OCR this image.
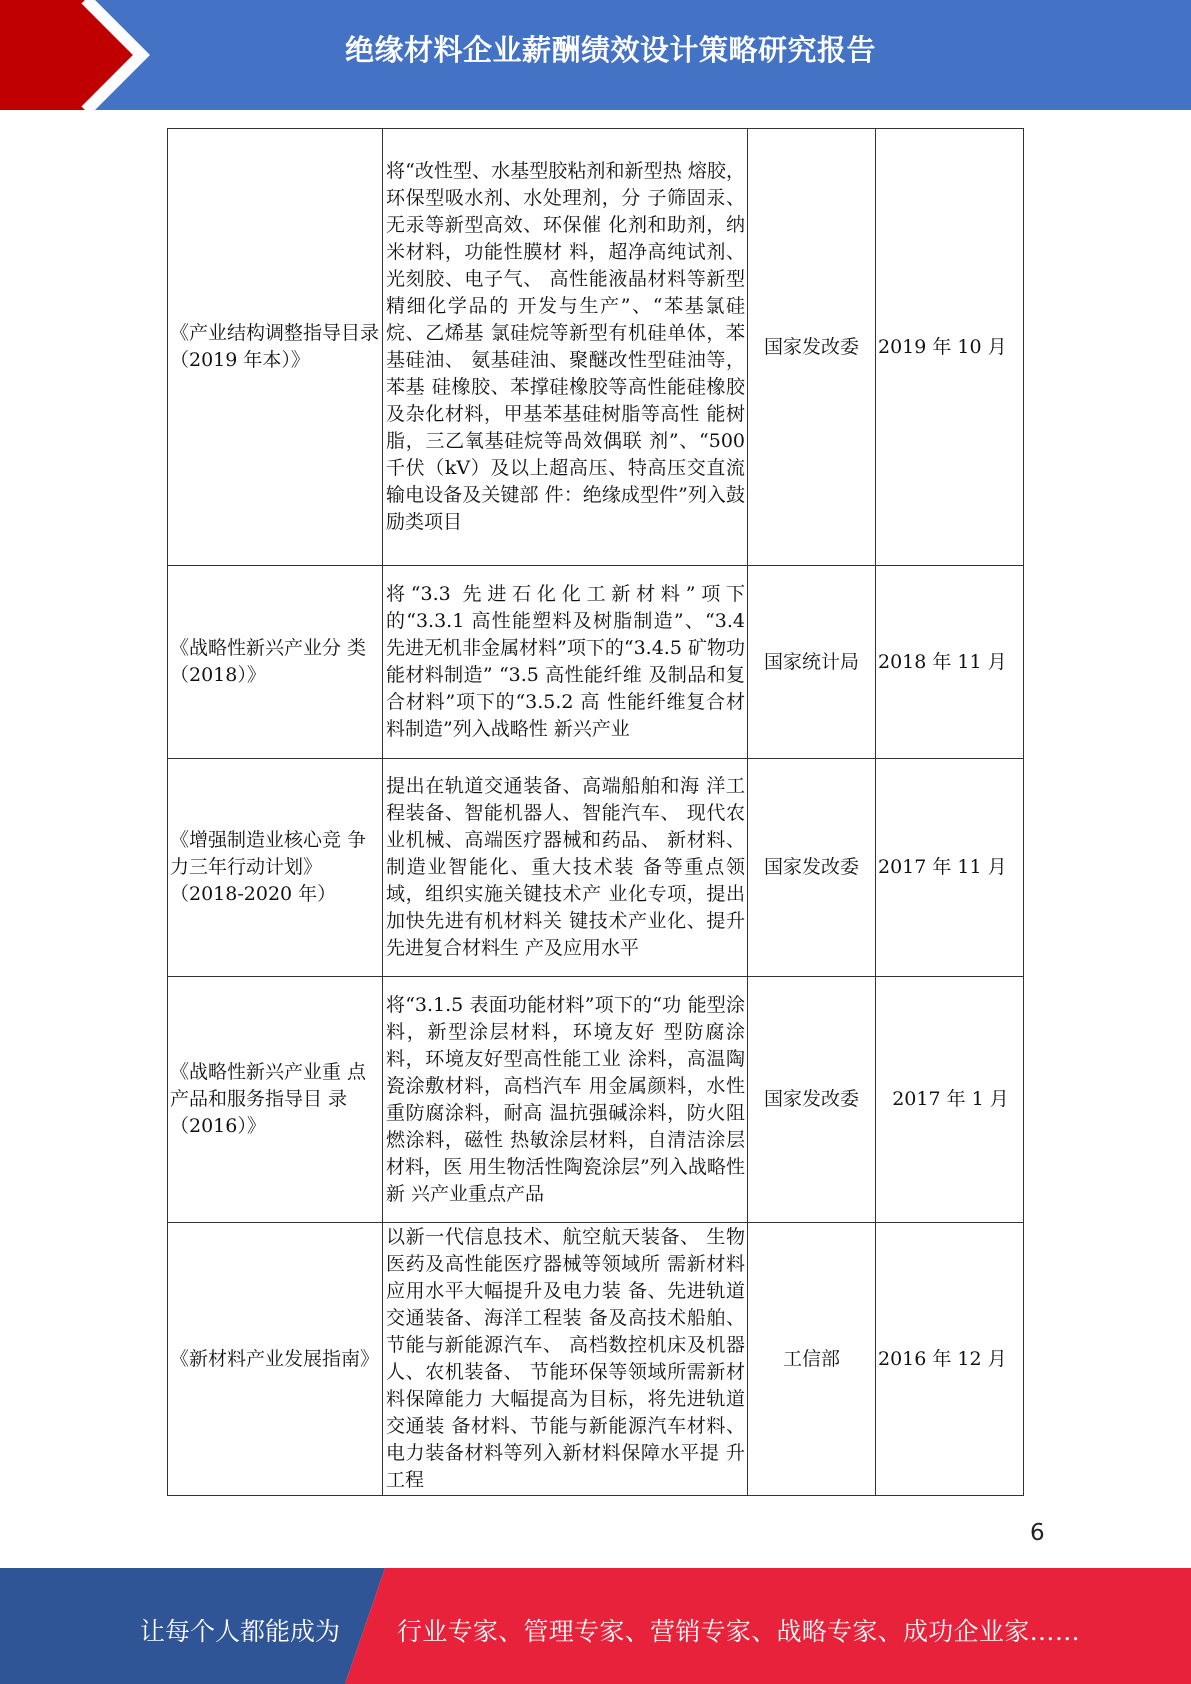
绝缘材料企业薪酬绩效设计策略研究报告
《产业结构调整指导目录（2019 年本）》	将“改性型、水基型胶粘剂和新型热 熔胶，环保型吸水剂、水处理剂，分 子筛固汞、无汞等新型高效、环保催 化剂和助剂，纳米材料，功能性膜材 料，超净高纯试剂、光刻胶、电子气、 高性能液晶材料等新型精细化学品的 开发与生产”、“苯基氯硅烷、乙烯基 氯硅烷等新型有机硅单体，苯基硅油、 氨基硅油、聚醚改性型硅油等，苯基 硅橡胶、苯撑硅橡胶等高性能硅橡胶 及杂化材料，甲基苯基硅树脂等高性 能树脂，三乙氧基硅烷等咼效偶联 剂”、“500 千伏（kV）及以上超高压、特高压交直流输电设备及关键部 件：绝缘成型件”列入鼓励类项目	国家发改委	2019 年 10 月
《战略性新兴产业分 类（2018）》	将“3.3 先进石化化工新材料”项下的“3.3.1 高性能塑料及树脂制造”、“3.4 先进无机非金属材料”项下的“3.4.5 矿物功能材料制造” “3.5 高性能纤维 及制品和复合材料”项下的“3.5.2 高 性能纤维复合材料制造”列入战略性 新兴产业	国家统计局	2018 年 11 月
《增强制造业核心竞 争力三年行动计划》（2018-2020 年）	提出在轨道交通装备、高端船舶和海 洋工程装备、智能机器人、智能汽车、 现代农业机械、高端医疗器械和药品、 新材料、制造业智能化、重大技术装 备等重点领域，组织实施关键技术产 业化专项，提出加快先进有机材料关 键技术产业化、提升先进复合材料生 产及应用水平	国家发改委	2017 年 11 月
《战略性新兴产业重 点产品和服务指导目 录（2016）》	将“3.1.5 表面功能材料”项下的“功 能型涂料，新型涂层材料，环境友好 型防腐涂料，环境友好型高性能工业 涂料，高温陶瓷涂敷材料，高档汽车 用金属颜料，水性重防腐涂料，耐高 温抗强碱涂料，防火阻燃涂料，磁性 热敏涂层材料，自清洁涂层材料，医 用生物活性陶瓷涂层”列入战略性新 兴产业重点产品	国家发改委	2017 年 1 月
《新材料产业发展指南》	以新一代信息技术、航空航天装备、 生物医药及高性能医疗器械等领域所 需新材料应用水平大幅提升及电力装 备、先进轨道交通装备、海洋工程装 备及高技术船舶、节能与新能源汽车、 高档数控机床及机器人、农机装备、 节能环保等领域所需新材料保障能力 大幅提高为目标，将先进轨道交通装 备材料、节能与新能源汽车材料、电力装备材料等列入新材料保障水平提 升工程	工信部	2016 年 12 月
6
让每个人都能成为 行业专家、管理专家、营销专家、战略专家、成功企业家……
